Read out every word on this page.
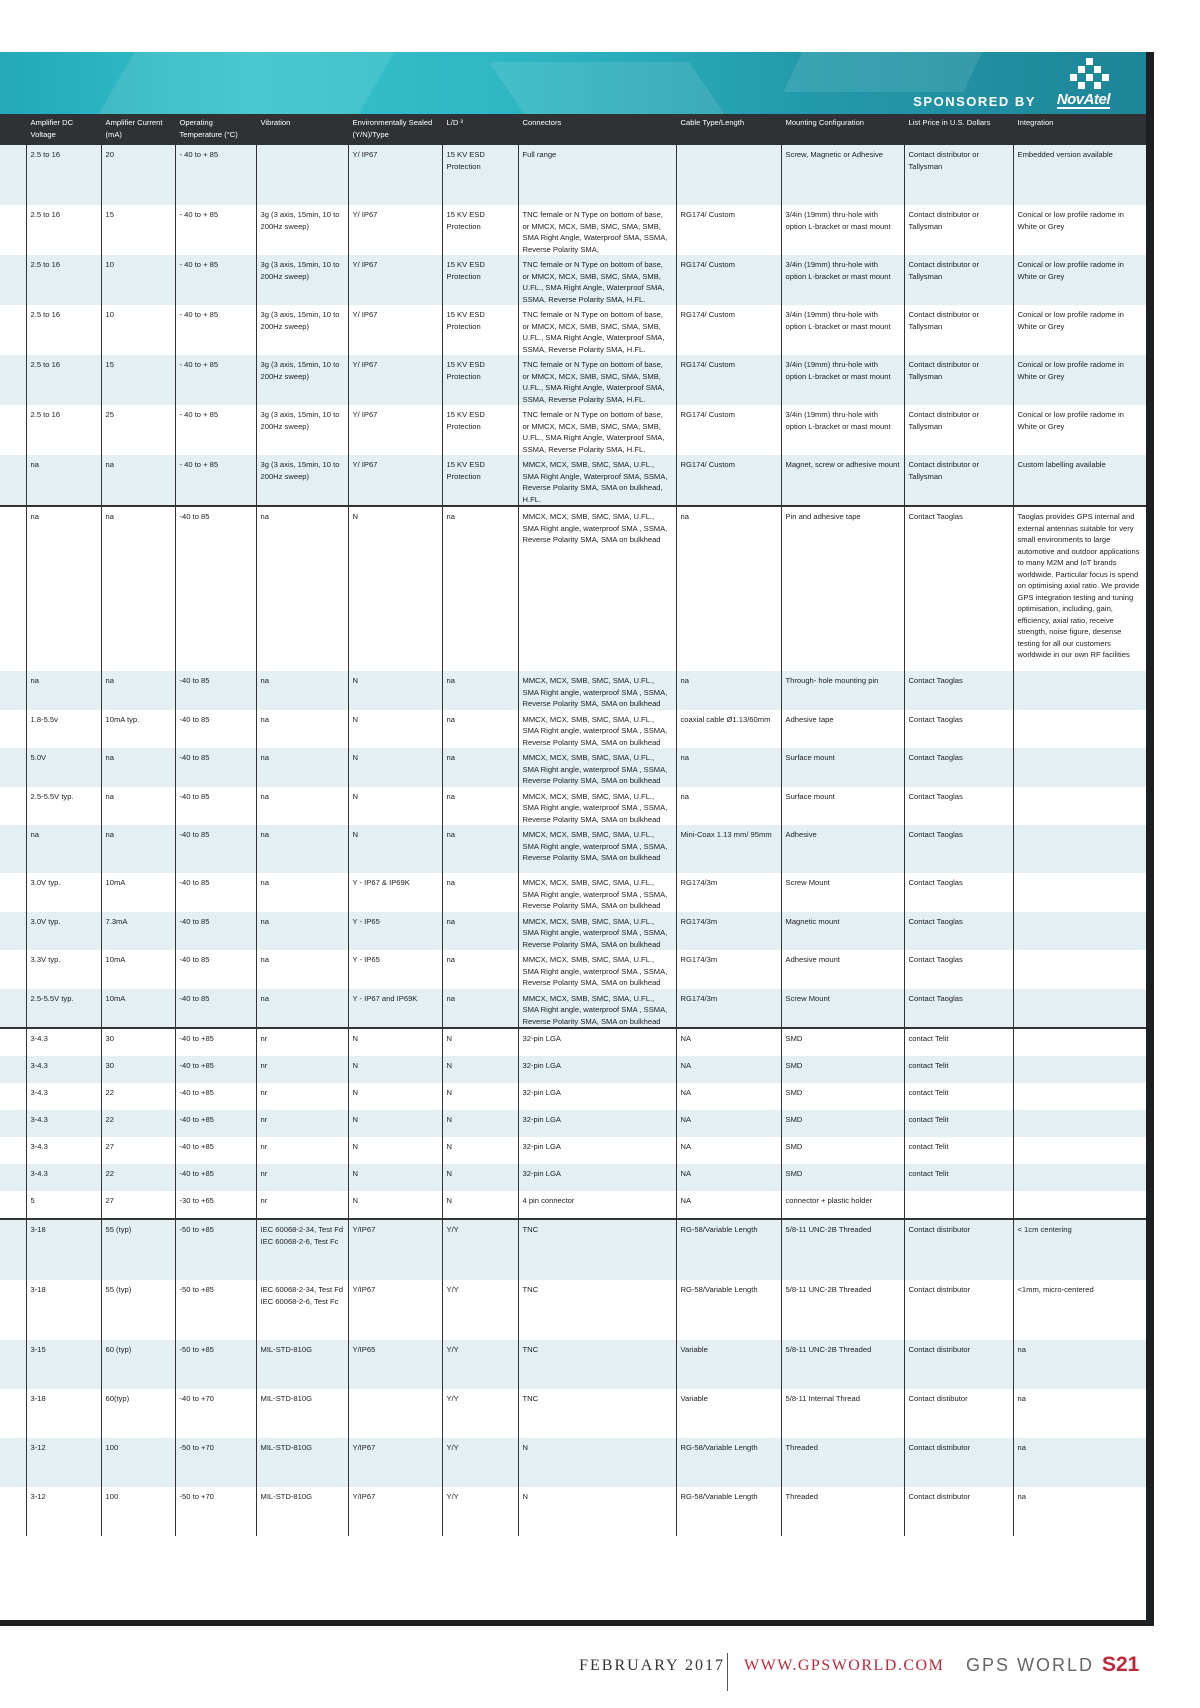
SPONSORED BY NovAtel
	Amplifier DC Voltage	Amplifier Current (mA)	Operating Temperature (°C)	Vibration	Environmentally Sealed (Y/N)/Type	L/D ³	Connectors	Cable Type/Length	Mounting Configuration	List Price in U.S. Dollars	Integration
	2.5 to 16	20	- 40 to + 85		Y/ IP67	15 KV ESD Protection	Full range		Screw, Magnetic or Adhesive	Contact distributor or Tallysman	Embedded version available
	2.5 to 16	15	- 40 to + 85	3g (3 axis, 15min, 10 to 200Hz sweep)	Y/ IP67	15 KV ESD Protection	TNC female or N Type on bottom of base, or MMCX, MCX, SMB, SMC, SMA, SMB, SMA Right Angle, Waterproof SMA, SSMA, Reverse Polarity SMA,	RG174/ Custom	3/4in (19mm) thru-hole with option L-bracket or mast mount	Contact distributor or Tallysman	Conical or low profile radome in White or Grey
	2.5 to 16	10	- 40 to + 85	3g (3 axis, 15min, 10 to 200Hz sweep)	Y/ IP67	15 KV ESD Protection	TNC female or N Type on bottom of base, or MMCX, MCX, SMB, SMC, SMA, SMB, U.FL., SMA Right Angle, Waterproof SMA, SSMA, Reverse Polarity SMA, H.FL.	RG174/ Custom	3/4in (19mm) thru-hole with option L-bracket or mast mount	Contact distributor or Tallysman	Conical or low profile radome in White or Grey
	2.5 to 16	10	- 40 to + 85	3g (3 axis, 15min, 10 to 200Hz sweep)	Y/ IP67	15 KV ESD Protection	TNC female or N Type on bottom of base, or MMCX, MCX, SMB, SMC, SMA, SMB, U.FL., SMA Right Angle, Waterproof SMA, SSMA, Reverse Polarity SMA, H.FL.	RG174/ Custom	3/4in (19mm) thru-hole with option L-bracket or mast mount	Contact distributor or Tallysman	Conical or low profile radome in White or Grey
	2.5 to 16	15	- 40 to + 85	3g (3 axis, 15min, 10 to 200Hz sweep)	Y/ IP67	15 KV ESD Protection	TNC female or N Type on bottom of base, or MMCX, MCX, SMB, SMC, SMA, SMB, U.FL., SMA Right Angle, Waterproof SMA, SSMA, Reverse Polarity SMA, H.FL.	RG174/ Custom	3/4in (19mm) thru-hole with option L-bracket or mast mount	Contact distributor or Tallysman	Conical or low profile radome in White or Grey
	2.5 to 16	25	- 40 to + 85	3g (3 axis, 15min, 10 to 200Hz sweep)	Y/ IP67	15 KV ESD Protection	TNC female or N Type on bottom of base, or MMCX, MCX, SMB, SMC, SMA, SMB, U.FL., SMA Right Angle, Waterproof SMA, SSMA, Reverse Polarity SMA, H.FL.	RG174/ Custom	3/4in (19mm) thru-hole with option L-bracket or mast mount	Contact distributor or Tallysman	Conical or low profile radome in White or Grey
	na	na	- 40 to + 85	3g (3 axis, 15min, 10 to 200Hz sweep)	Y/ IP67	15 KV ESD Protection	MMCX, MCX, SMB, SMC, SMA, U.FL., SMA Right Angle, Waterproof SMA, SSMA, Reverse Polarity SMA, SMA on bulkhead, H.FL.	RG174/ Custom	Magnet, screw or adhesive mount	Contact distributor or Tallysman	Custom labelling available
	na	na	-40 to 85	na	N	na	MMCX, MCX, SMB, SMC, SMA, U.FL., SMA Right angle, waterproof SMA , SSMA, Reverse Polarity SMA, SMA on bulkhead	na	Pin and adhesive tape	Contact Taoglas	Taoglas provides GPS internal and external antennas suitable for very small environments to large automotive and outdoor applications to many M2M and IoT brands worldwide. Particular focus is spend on optimising axial ratio. We provide GPS integration testing and tuning optimisation, including, gain, efficiency, axial ratio, receive strength, noise figure, desense testing for all our customers worldwide in our own RF facilities
	na	na	-40 to 85	na	N	na	MMCX, MCX, SMB, SMC, SMA, U.FL., SMA Right angle, waterproof SMA , SSMA, Reverse Polarity SMA, SMA on bulkhead	na	Through- hole mounting pin	Contact Taoglas	
	1.8-5.5v	10mA typ.	-40 to 85	na	N	na	MMCX, MCX, SMB, SMC, SMA, U.FL., SMA Right angle, waterproof SMA , SSMA, Reverse Polarity SMA, SMA on bulkhead	coaxial cable Ø1.13/60mm	Adhesive tape	Contact Taoglas	
	5.0V	na	-40 to 85	na	N	na	MMCX, MCX, SMB, SMC, SMA, U.FL., SMA Right angle, waterproof SMA , SSMA, Reverse Polarity SMA, SMA on bulkhead	na	Surface mount	Contact Taoglas	
	2.5-5.5V typ.	na	-40 to 85	na	N	na	MMCX, MCX, SMB, SMC, SMA, U.FL., SMA Right angle, waterproof SMA , SSMA, Reverse Polarity SMA, SMA on bulkhead	na	Surface mount	Contact Taoglas	
	na	na	-40 to 85	na	N	na	MMCX, MCX, SMB, SMC, SMA, U.FL., SMA Right angle, waterproof SMA , SSMA, Reverse Polarity SMA, SMA on bulkhead	Mini-Coax 1.13 mm/ 95mm	Adhesive	Contact Taoglas	
	3.0V typ.	10mA	-40 to 85	na	Y - IP67 & IP69K	na	MMCX, MCX, SMB, SMC, SMA, U.FL., SMA Right angle, waterproof SMA , SSMA, Reverse Polarity SMA, SMA on bulkhead	RG174/3m	Screw Mount	Contact Taoglas	
	3.0V typ.	7.3mA	-40 to 85	na	Y - IP65	na	MMCX, MCX, SMB, SMC, SMA, U.FL., SMA Right angle, waterproof SMA , SSMA, Reverse Polarity SMA, SMA on bulkhead	RG174/3m	Magnetic mount	Contact Taoglas	
	3.3V typ.	10mA	-40 to 85	na	Y - IP65	na	MMCX, MCX, SMB, SMC, SMA, U.FL., SMA Right angle, waterproof SMA , SSMA, Reverse Polarity SMA, SMA on bulkhead	RG174/3m	Adhesive mount	Contact Taoglas	
	2.5-5.5V typ.	10mA	-40 to 85	na	Y - IP67 and IP69K	na	MMCX, MCX, SMB, SMC, SMA, U.FL., SMA Right angle, waterproof SMA , SSMA, Reverse Polarity SMA, SMA on bulkhead	RG174/3m	Screw Mount	Contact Taoglas	
	3-4.3	30	-40 to +85	nr	N	N	32-pin LGA	NA	SMD	contact Telit	
	3-4.3	30	-40 to +85	nr	N	N	32-pin LGA	NA	SMD	contact Telit	
	3-4.3	22	-40 to +85	nr	N	N	32-pin LGA	NA	SMD	contact Telit	
	3-4.3	22	-40 to +85	nr	N	N	32-pin LGA	NA	SMD	contact Telit	
	3-4.3	27	-40 to +85	nr	N	N	32-pin LGA	NA	SMD	contact Telit	
	3-4.3	22	-40 to +85	nr	N	N	32-pin LGA	NA	SMD	contact Telit	
	5	27	-30 to +65	nr	N	N	4 pin connector	NA	connector + plastic holder		
	3-18	55 (typ)	-50 to +85	IEC 60068-2-34, Test Fd IEC 60068-2-6, Test Fc	Y/IP67	Y/Y	TNC	RG-58/Variable Length	5/8-11 UNC-2B Threaded	Contact distributor	< 1cm centering
	3-18	55 (typ)	-50 to +85	IEC 60068-2-34, Test Fd IEC 60068-2-6, Test Fc	Y/IP67	Y/Y	TNC	RG-58/Variable Length	5/8-11 UNC-2B Threaded	Contact distributor	<1mm, micro-centered
	3-15	60 (typ)	-50 to +85	MIL-STD-810G	Y/IP65	Y/Y	TNC	Variable	5/8-11 UNC-2B Threaded	Contact distributor	na
	3-18	60(typ)	-40 to +70	MIL-STD-810G		Y/Y	TNC	Variable	5/8-11 Internal Thread	Contact distibutor	na
	3-12	100	-50 to +70	MIL-STD-810G	Y/IP67	Y/Y	N	RG-58/Variable Length	Threaded	Contact distributor	na
	3-12	100	-50 to +70	MIL-STD-810G	Y/IP67	Y/Y	N	RG-58/Variable Length	Threaded	Contact distributor	na
FEBRUARY 2017 WWW.GPSWORLD.COM GPS WORLD S21
